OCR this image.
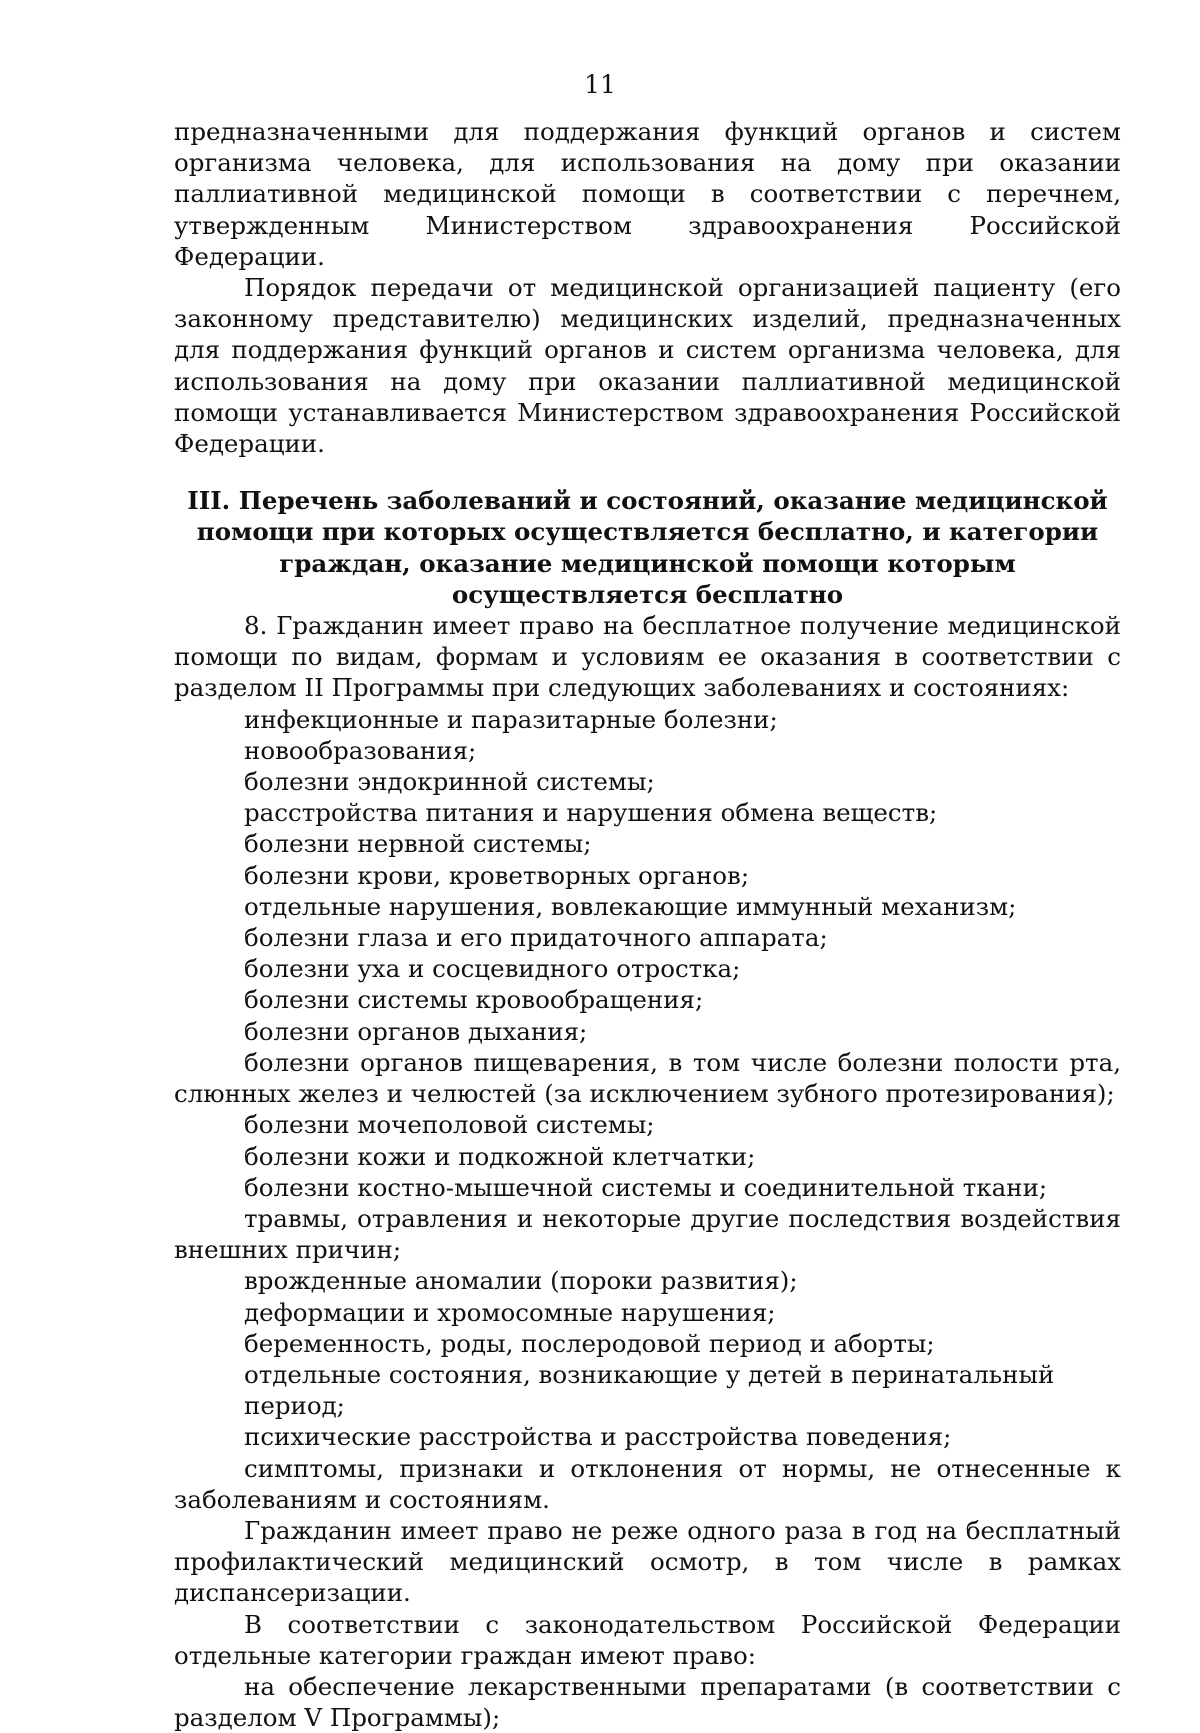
11

предназначенными для поддержания функций органов и систем организма человека, для использования на дому при оказании паллиативной медицинской помощи в соответствии с перечнем, утвержденным Министерством здравоохранения Российской Федерации.

Порядок передачи от медицинской организацией пациенту (его законному представителю) медицинских изделий, предназначенных для поддержания функций органов и систем организма человека, для использования на дому при оказании паллиативной медицинской помощи устанавливается Министерством здравоохранения Российской Федерации.

III. Перечень заболеваний и состояний, оказание медицинской помощи при которых осуществляется бесплатно, и категории граждан, оказание медицинской помощи которым осуществляется бесплатно

8. Гражданин имеет право на бесплатное получение медицинской помощи по видам, формам и условиям ее оказания в соответствии с разделом II Программы при следующих заболеваниях и состояниях:

инфекционные и паразитарные болезни;

новообразования;

болезни эндокринной системы;

расстройства питания и нарушения обмена веществ;

болезни нервной системы;

болезни крови, кроветворных органов;

отдельные нарушения, вовлекающие иммунный механизм;

болезни глаза и его придаточного аппарата;

болезни уха и сосцевидного отростка;

болезни системы кровообращения;

болезни органов дыхания;

болезни органов пищеварения, в том числе болезни полости рта, слюнных желез и челюстей (за исключением зубного протезирования);

болезни мочеполовой системы;

болезни кожи и подкожной клетчатки;

болезни костно-мышечной системы и соединительной ткани;

травмы, отравления и некоторые другие последствия воздействия внешних причин;

врожденные аномалии (пороки развития);

деформации и хромосомные нарушения;

беременность, роды, послеродовой период и аборты;

отдельные состояния, возникающие у детей в перинатальный период;

психические расстройства и расстройства поведения;

симптомы, признаки и отклонения от нормы, не отнесенные к заболеваниям и состояниям.

Гражданин имеет право не реже одного раза в год на бесплатный профилактический медицинский осмотр, в том числе в рамках диспансеризации.

В соответствии с законодательством Российской Федерации отдельные категории граждан имеют право:

на обеспечение лекарственными препаратами (в соответствии с разделом V Программы);
